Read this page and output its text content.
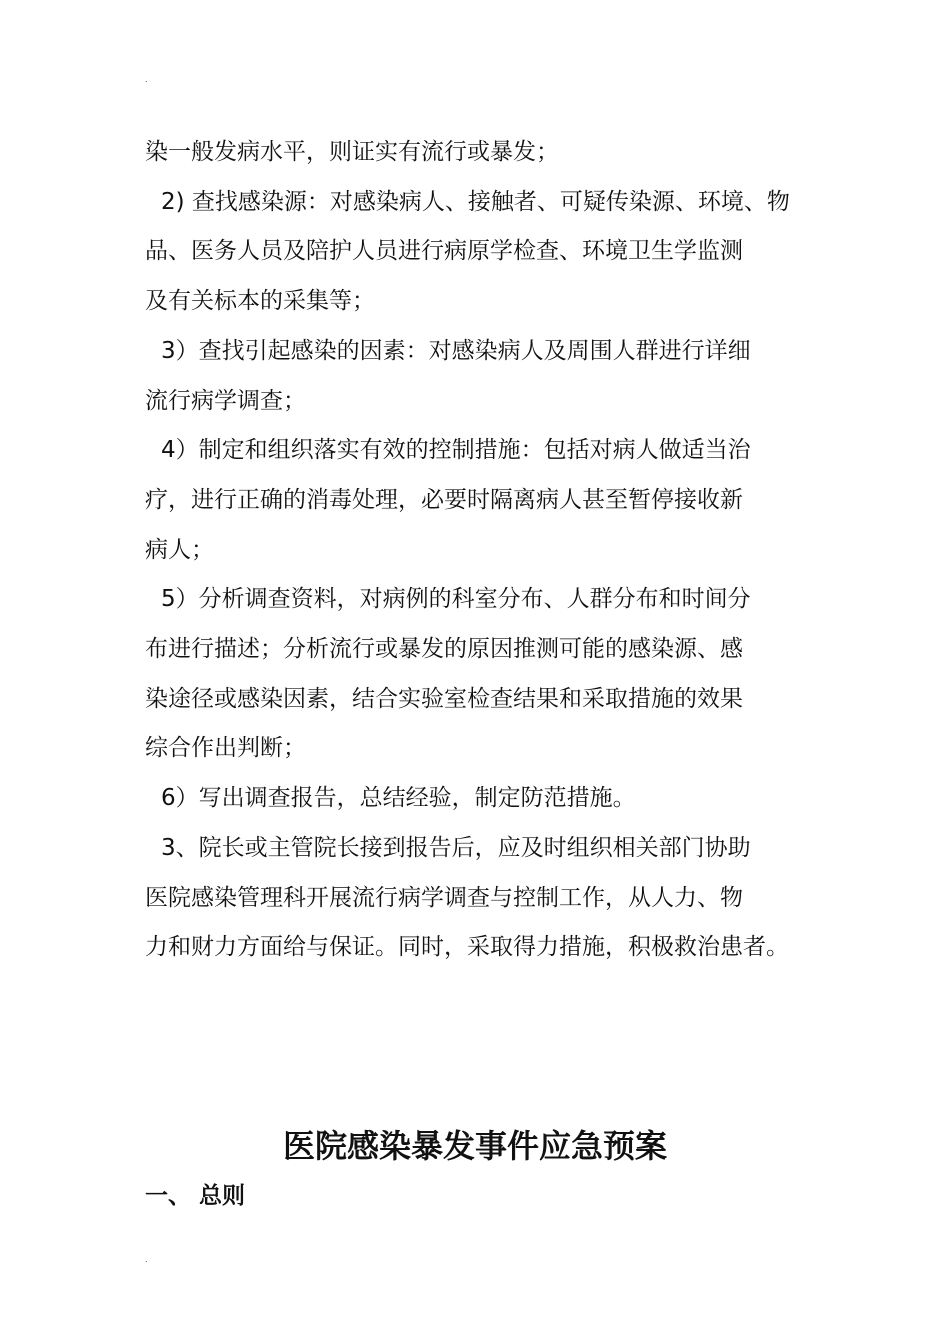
.

染一般发病水平，则证实有流行或暴发；

2) 查找感染源：对感染病人、接触者、可疑传染源、环境、物

品、医务人员及陪护人员进行病原学检查、环境卫生学监测

及有关标本的采集等；

3）查找引起感染的因素：对感染病人及周围人群进行详细

流行病学调查；

4）制定和组织落实有效的控制措施：包括对病人做适当治

疗，进行正确的消毒处理，必要时隔离病人甚至暂停接收新

病人；

5）分析调查资料，对病例的科室分布、人群分布和时间分

布进行描述；分析流行或暴发的原因推测可能的感染源、感

染途径或感染因素，结合实验室检查结果和采取措施的效果

综合作出判断；

6）写出调查报告，总结经验，制定防范措施。

3、院长或主管院长接到报告后，应及时组织相关部门协助

医院感染管理科开展流行病学调查与控制工作，从人力、物

力和财力方面给与保证。同时，采取得力措施，积极救治患者。

医院感染暴发事件应急预案
一、 总则
.
